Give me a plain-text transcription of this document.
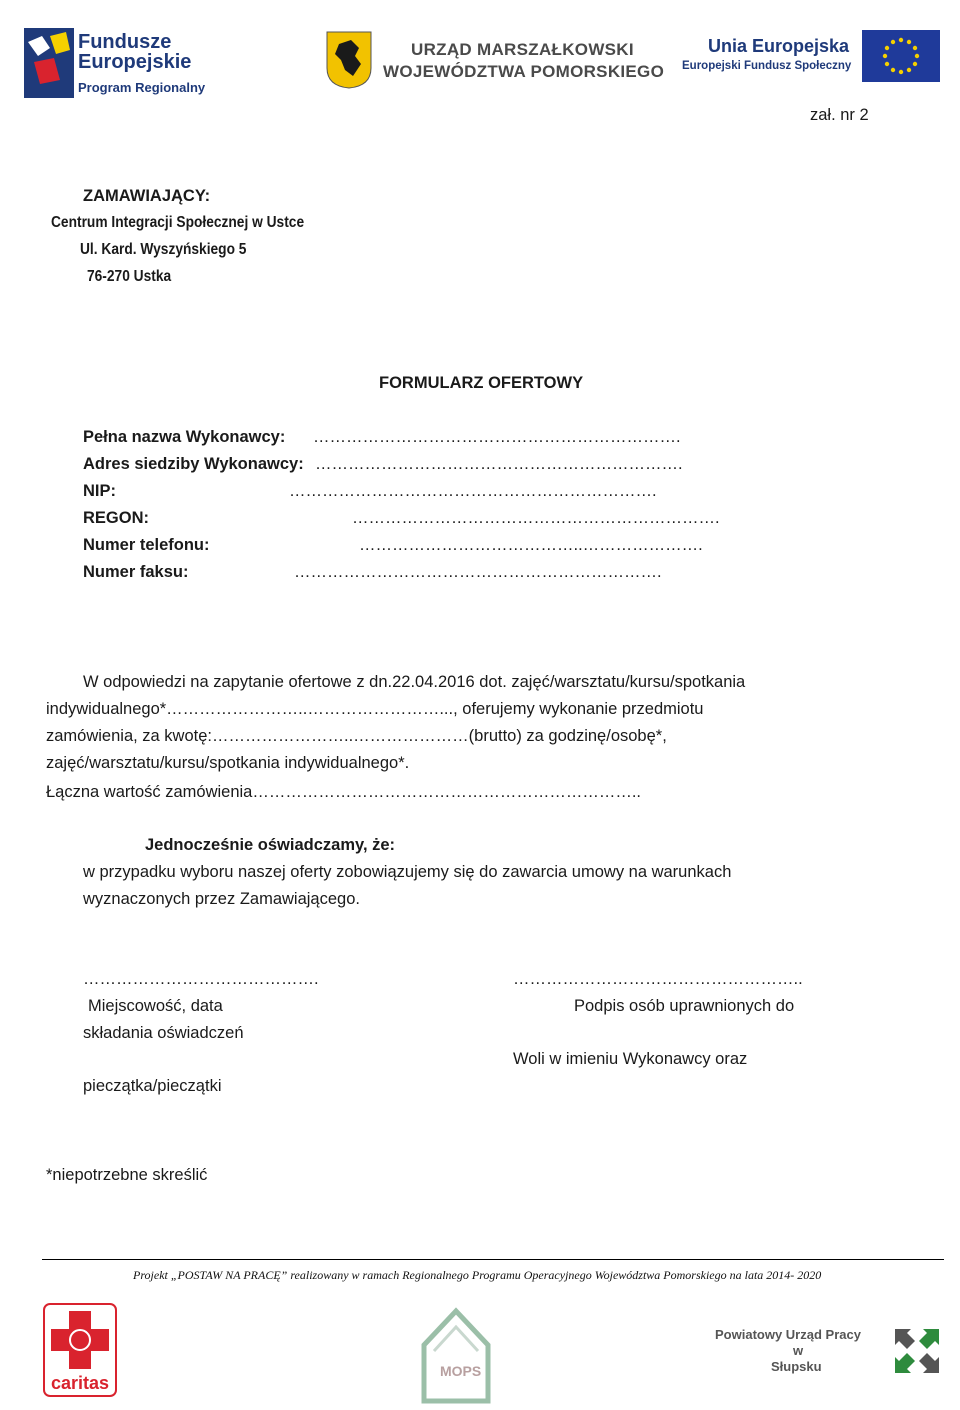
Fundusze
Europejskie
Program Regionalny
URZĄD MARSZAŁKOWSKI
WOJEWÓDZTWA POMORSKIEGO
Unia Europejska
Europejski Fundusz Społeczny
zał. nr 2
ZAMAWIAJĄCY:
Centrum Integracji Społecznej w Ustce
Ul. Kard. Wyszyńskiego 5
76-270 Ustka
FORMULARZ OFERTOWY
Pełna nazwa Wykonawcy: ………………………………………………………….
Adres siedziby Wykonawcy: ………………………………………………………….
NIP:	………………………………………………………….
REGON:	………………………………………………………….
Numer telefonu:	…………………………………..………………….
Numer faksu:	………………………………………………………….
W odpowiedzi na zapytanie ofertowe z dn.22.04.2016 dot. zajęć/warsztatu/kursu/spotkania
indywidualnego*……………………..……………………..., oferujemy wykonanie przedmiotu
zamówienia, za kwotę:……………………..…………………(brutto) za godzinę/osobę*,
zajęć/warsztatu/kursu/spotkania indywidualnego*.
Łączna wartość zamówienia……………………………………………………………..
Jednocześnie oświadczamy, że:
w przypadku wyboru naszej oferty zobowiązujemy się do zawarcia umowy na warunkach
wyznaczonych przez Zamawiającego.
…………………………………….
Miejscowość, data
składania oświadczeń
pieczątka/pieczątki
……………………………………………..
Podpis osób uprawnionych do
Woli w imieniu Wykonawcy oraz
*niepotrzebne skreślić
Projekt „POSTAW NA PRACĘ” realizowany w ramach Regionalnego Programu Operacyjnego Województwa Pomorskiego na lata 2014- 2020
caritas
MOPS
Powiatowy Urząd Pracy
w
Słupsku
